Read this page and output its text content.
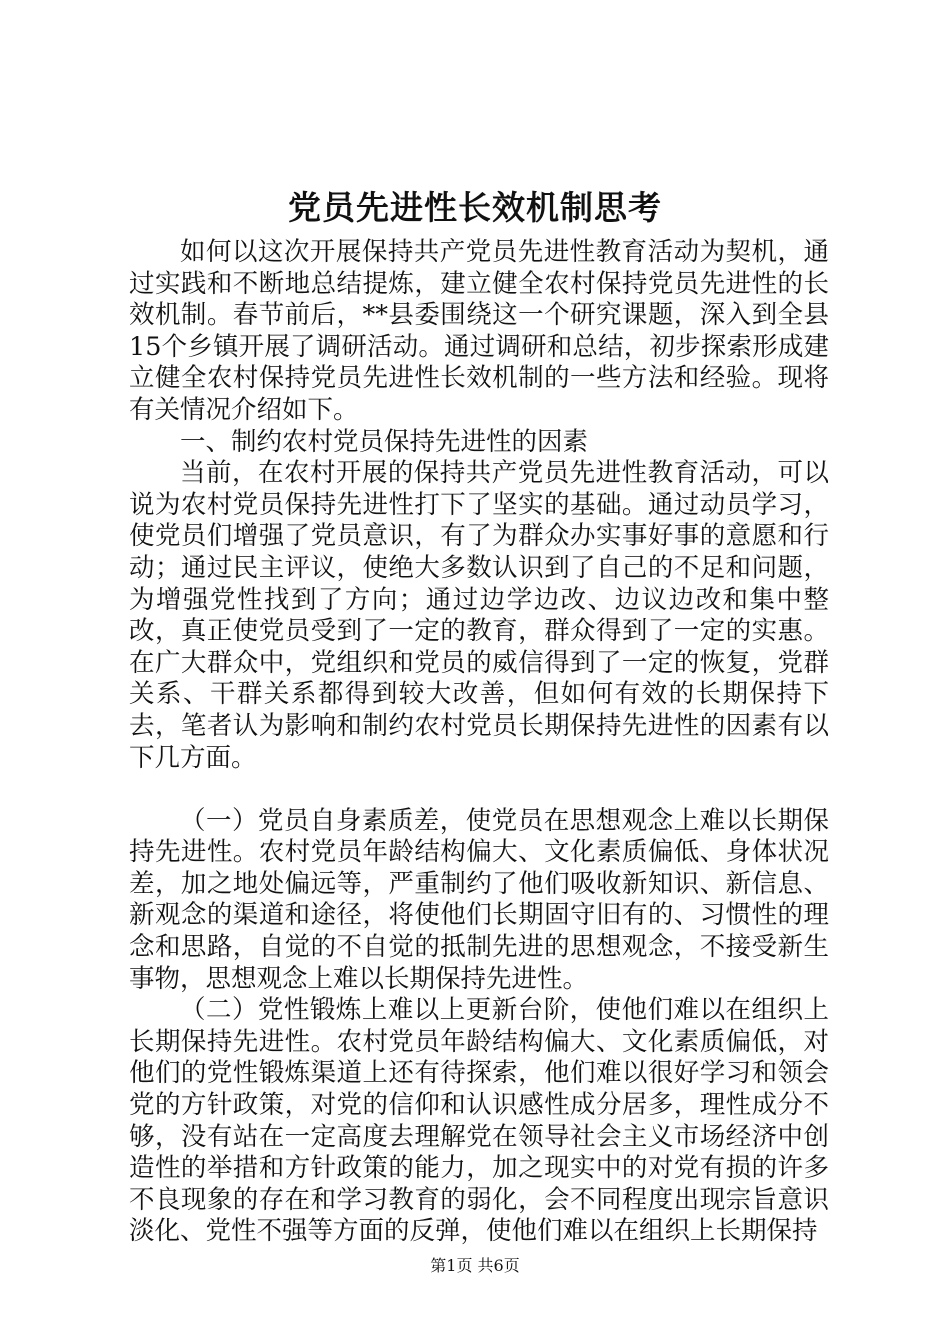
党员先进性长效机制思考

如何以这次开展保持共产党员先进性教育活动为契机，通过实践和不断地总结提炼，建立健全农村保持党员先进性的长效机制。春节前后，**县委围绕这一个研究课题，深入到全县15个乡镇开展了调研活动。通过调研和总结，初步探索形成建立健全农村保持党员先进性长效机制的一些方法和经验。现将有关情况介绍如下。

一、制约农村党员保持先进性的因素

当前，在农村开展的保持共产党员先进性教育活动，可以说为农村党员保持先进性打下了坚实的基础。通过动员学习，使党员们增强了党员意识，有了为群众办实事好事的意愿和行动；通过民主评议，使绝大多数认识到了自己的不足和问题，为增强党性找到了方向；通过边学边改、边议边改和集中整改，真正使党员受到了一定的教育，群众得到了一定的实惠。在广大群众中，党组织和党员的威信得到了一定的恢复，党群关系、干群关系都得到较大改善，但如何有效的长期保持下去，笔者认为影响和制约农村党员长期保持先进性的因素有以下几方面。

（一）党员自身素质差，使党员在思想观念上难以长期保持先进性。农村党员年龄结构偏大、文化素质偏低、身体状况差，加之地处偏远等，严重制约了他们吸收新知识、新信息、新观念的渠道和途径，将使他们长期固守旧有的、习惯性的理念和思路，自觉的不自觉的抵制先进的思想观念，不接受新生事物，思想观念上难以长期保持先进性。

（二）党性锻炼上难以上更新台阶，使他们难以在组织上长期保持先进性。农村党员年龄结构偏大、文化素质偏低，对他们的党性锻炼渠道上还有待探索，他们难以很好学习和领会党的方针政策，对党的信仰和认识感性成分居多，理性成分不够，没有站在一定高度去理解党在领导社会主义市场经济中创造性的举措和方针政策的能力，加之现实中的对党有损的许多不良现象的存在和学习教育的弱化，会不同程度出现宗旨意识淡化、党性不强等方面的反弹，使他们难以在组织上长期保持

第1页 共6页
